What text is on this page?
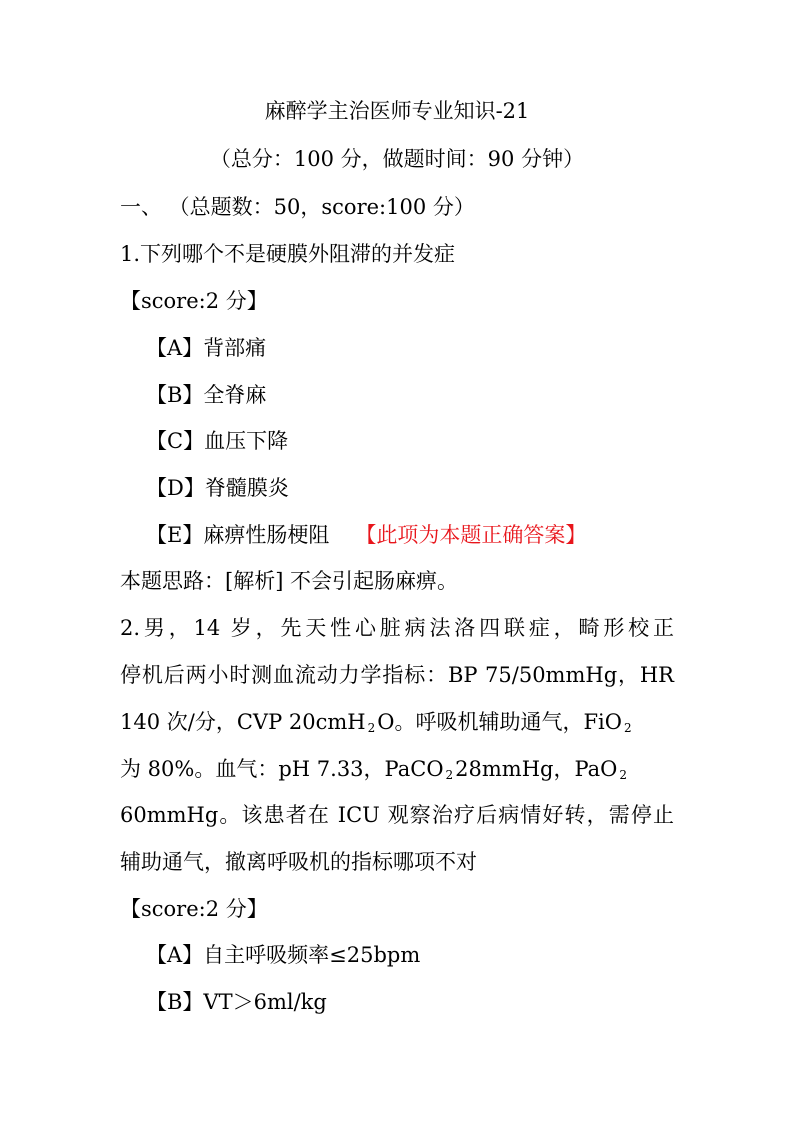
麻醉学主治医师专业知识-21
（总分：100 分，做题时间：90 分钟）
一、 （总题数：50，score:100 分）
1.下列哪个不是硬膜外阻滞的并发症
【score:2 分】
【A】背部痛
【B】全脊麻
【C】血压下降
【D】脊髓膜炎
【E】麻痹性肠梗阻 【此项为本题正确答案】
本题思路：[解析] 不会引起肠麻痹。
2.男，14 岁，先天性心脏病法洛四联症，畸形校正
停机后两小时测血流动力学指标：BP 75/50mmHg，HR
140 次/分，CVP 20cmH $_2$O。呼吸机辅助通气，FiO $_2$
为 80%。血气：pH 7.33，PaCO $_2$28mmHg，PaO $_2$
60mmHg。该患者在 ICU 观察治疗后病情好转，需停止
辅助通气，撤离呼吸机的指标哪项不对
【score:2 分】
【A】自主呼吸频率≤25bpm
【B】VT＞6ml/kg
